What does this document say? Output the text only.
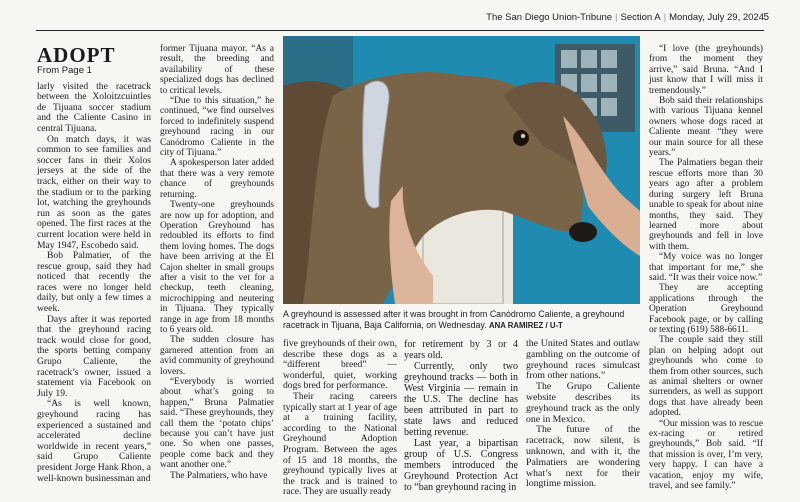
The San Diego Union-Tribune | Section A | Monday, July 29, 2024 5
ADOPT
From Page 1

larly visited the racetrack between the Xoloitzcuintles de Tijuana soccer stadium and the Caliente Casino in central Tijuana.

On match days, it was common to see families and soccer fans in their Xolos jerseys at the side of the track, either on their way to the stadium or to the parking lot, watching the greyhounds run as soon as the gates opened. The first races at the current location were held in May 1947, Escobedo said.

Bob Palmatier, of the rescue group, said they had noticed that recently the races were no longer held daily, but only a few times a week.

Days after it was reported that the greyhound racing track would close for good, the sports betting company Grupo Caliente, the racetrack’s owner, issued a statement via Facebook on July 19.

“As is well known, greyhound racing has experienced a sustained and accelerated decline worldwide in recent years,” said Grupo Caliente president Jorge Hank Rhon, a well-known businessman and

former Tijuana mayor. “As a result, the breeding and availability of these specialized dogs has declined to critical levels.

“Due to this situation,” he continued, “we find ourselves forced to indefinitely suspend greyhound racing in our Canódromo Caliente in the city of Tijuana.”

A spokesperson later added that there was a very remote chance of greyhounds returning.

Twenty-one greyhounds are now up for adoption, and Operation Greyhound has redoubled its efforts to find them loving homes. The dogs have been arriving at the El Cajon shelter in small groups after a visit to the vet for a checkup, teeth cleaning, microchipping and neutering in Tijuana. They typically range in age from 18 months to 6 years old.

The sudden closure has garnered attention from an avid community of greyhound lovers.

“Everybody is worried about what’s going to happen,” Bruna Palmatier said. “These greyhounds, they call them the ‘potato chips’ because you can’t have just one. So when one passes, people come back and they want another one.”

The Palmatiers, who have

A greyhound is assessed after it was brought in from Canódromo Caliente, a greyhound racetrack in Tijuana, Baja California, on Wednesday. ANA RAMIREZ / U-T

five greyhounds of their own, describe these dogs as a “different breed” — wonderful, quiet, working dogs bred for performance.

Their racing careers typically start at 1 year of age at a training facility, according to the National Greyhound Adoption Program. Between the ages of 15 and 18 months, the greyhound typically lives at the track and is trained to race. They are usually ready

for retirement by 3 or 4 years old.

Currently, only two greyhound tracks — both in West Virginia — remain in the U.S. The decline has been attributed in part to state laws and reduced betting revenue.

Last year, a bipartisan group of U.S. Congress members introduced the Greyhound Protection Act to “ban greyhound racing in

the United States and outlaw gambling on the outcome of greyhound races simulcast from other nations.”

The Grupo Caliente website describes its greyhound track as the only one in Mexico.

The future of the racetrack, now silent, is unknown, and with it, the Palmatiers are wondering what’s next for their longtime mission.

“I love (the greyhounds) from the moment they arrive,” said Bruna. “And I just know that I will miss it tremendously.”

Bob said their relationships with various Tijuana kennel owners whose dogs raced at Caliente meant “they were our main source for all these years.”

The Palmatiers began their rescue efforts more than 30 years ago after a problem during surgery left Bruna unable to speak for about nine months, they said. They learned more about greyhounds and fell in love with them.

“My voice was no longer that important for me,” she said. “It was their voice now.”

They are accepting applications through the Operation Greyhound Facebook page, or by calling or texting (619) 588-6611.

The couple said they still plan on helping adopt out greyhounds who come to them from other sources, such as animal shelters or owner surrenders, as well as support dogs that have already been adopted.

“Our mission was to rescue ex-racing or retired greyhounds,” Bob said. “If that mission is over, I’m very, very happy. I can have a vacation, enjoy my wife, travel, and see family.”
